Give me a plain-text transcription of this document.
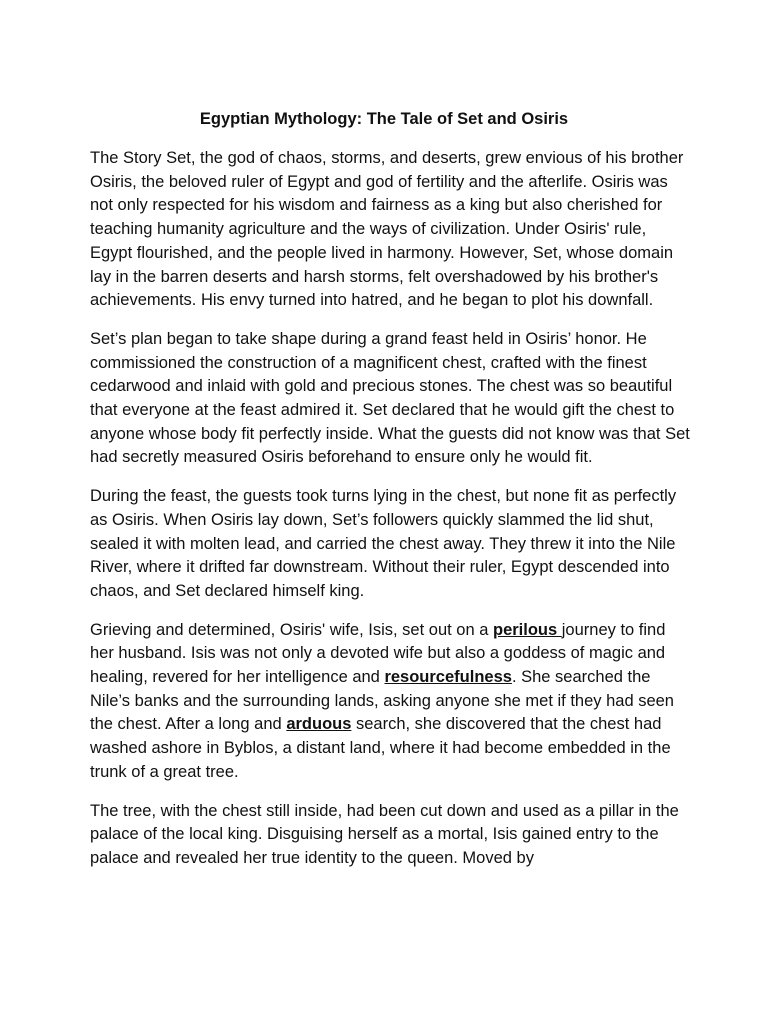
Egyptian Mythology: The Tale of Set and Osiris

The Story Set, the god of chaos, storms, and deserts, grew envious of his brother Osiris, the beloved ruler of Egypt and god of fertility and the afterlife. Osiris was not only respected for his wisdom and fairness as a king but also cherished for teaching humanity agriculture and the ways of civilization. Under Osiris' rule, Egypt flourished, and the people lived in harmony. However, Set, whose domain lay in the barren deserts and harsh storms, felt overshadowed by his brother's achievements. His envy turned into hatred, and he began to plot his downfall.

Set’s plan began to take shape during a grand feast held in Osiris’ honor. He commissioned the construction of a magnificent chest, crafted with the finest cedarwood and inlaid with gold and precious stones. The chest was so beautiful that everyone at the feast admired it. Set declared that he would gift the chest to anyone whose body fit perfectly inside. What the guests did not know was that Set had secretly measured Osiris beforehand to ensure only he would fit.

During the feast, the guests took turns lying in the chest, but none fit as perfectly as Osiris. When Osiris lay down, Set’s followers quickly slammed the lid shut, sealed it with molten lead, and carried the chest away. They threw it into the Nile River, where it drifted far downstream. Without their ruler, Egypt descended into chaos, and Set declared himself king.

Grieving and determined, Osiris' wife, Isis, set out on a perilous journey to find her husband. Isis was not only a devoted wife but also a goddess of magic and healing, revered for her intelligence and resourcefulness. She searched the Nile’s banks and the surrounding lands, asking anyone she met if they had seen the chest. After a long and arduous search, she discovered that the chest had washed ashore in Byblos, a distant land, where it had become embedded in the trunk of a great tree.

The tree, with the chest still inside, had been cut down and used as a pillar in the palace of the local king. Disguising herself as a mortal, Isis gained entry to the palace and revealed her true identity to the queen. Moved by
